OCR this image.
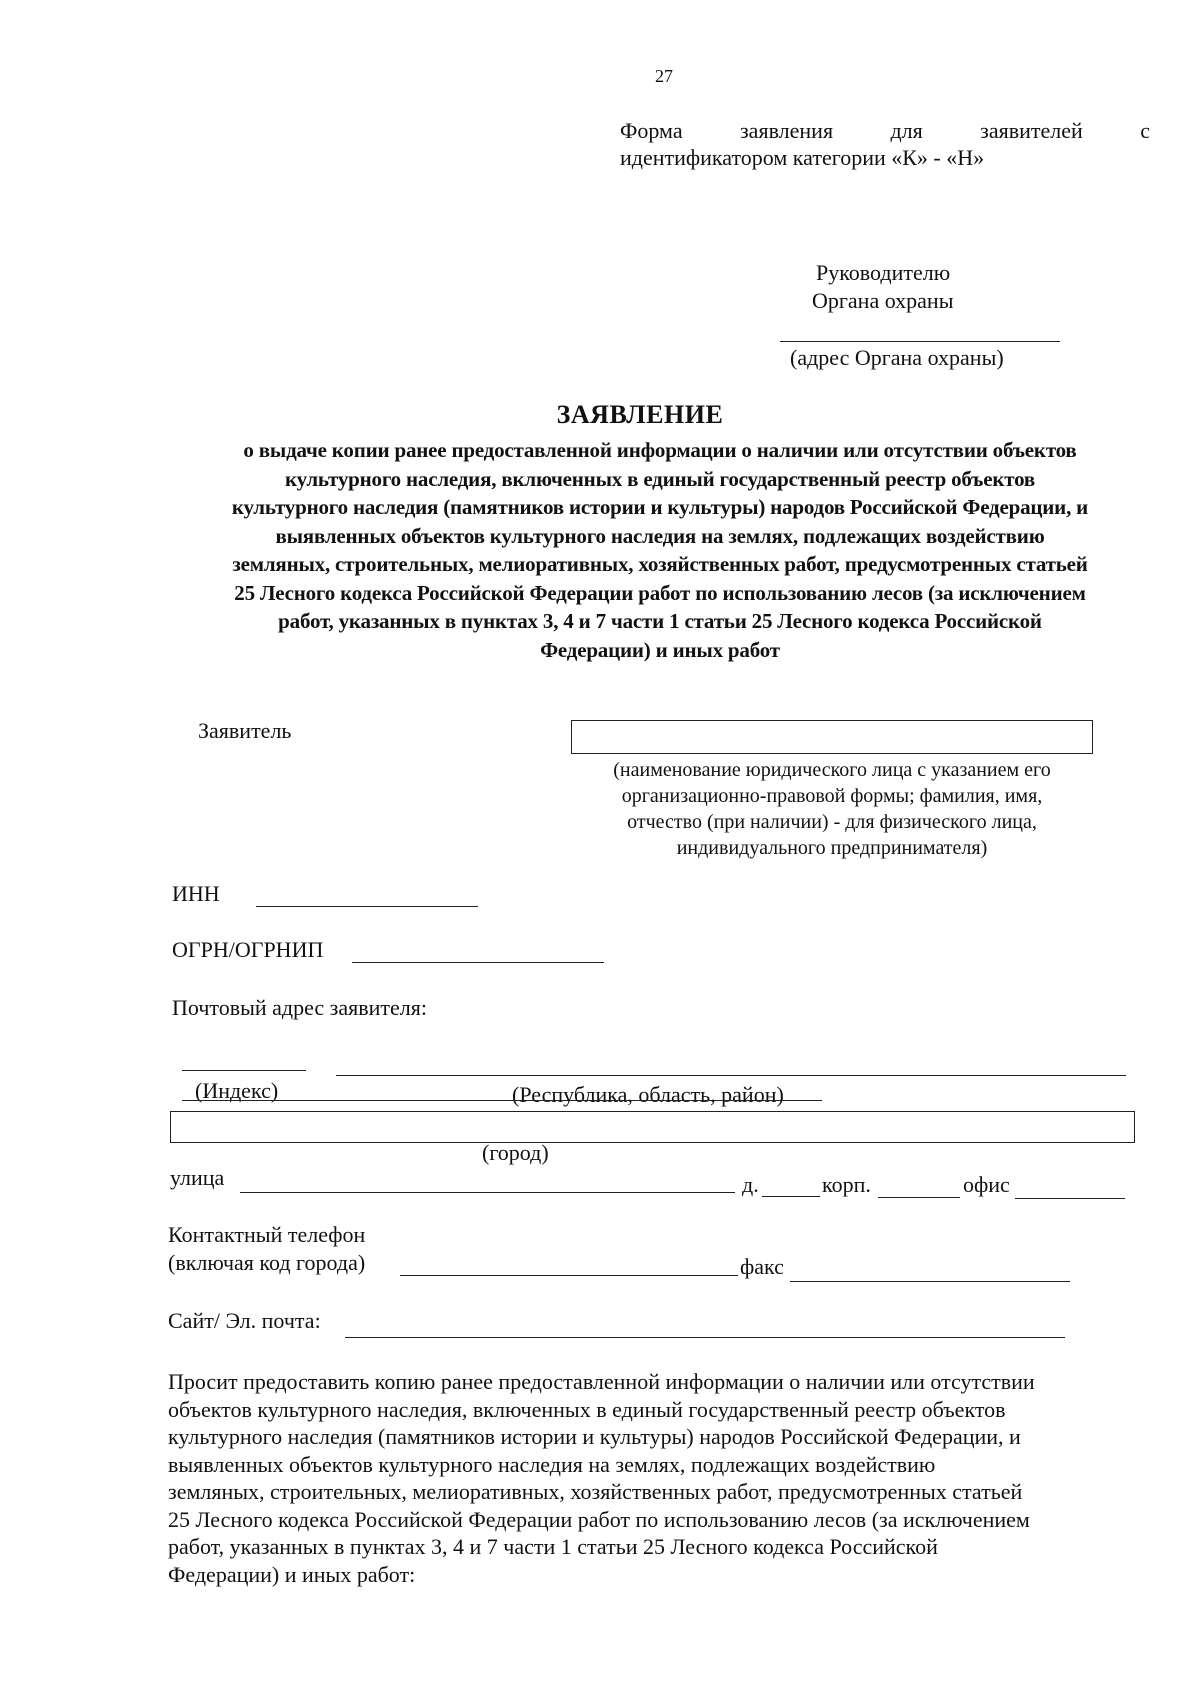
27
Форма заявления для заявителей с
идентификатором категории «К» - «Н»
Руководителю
Органа охраны
(адрес Органа охраны)
ЗАЯВЛЕНИЕ
о выдаче копии ранее предоставленной информации о наличии или отсутствии объектов
культурного наследия, включенных в единый государственный реестр объектов
культурного наследия (памятников истории и культуры) народов Российской Федерации, и
выявленных объектов культурного наследия на землях, подлежащих воздействию
земляных, строительных, мелиоративных, хозяйственных работ, предусмотренных статьей
25 Лесного кодекса Российской Федерации работ по использованию лесов (за исключением
работ, указанных в пунктах 3, 4 и 7 части 1 статьи 25 Лесного кодекса Российской
Федерации) и иных работ
Заявитель
(наименование юридического лица с указанием его
организационно-правовой формы; фамилия, имя,
отчество (при наличии) - для физического лица,
индивидуального предпринимателя)
ИНН
ОГРН/ОГРНИП
Почтовый адрес заявителя:
(Индекс)	(Республика, область, район)
(город)
улица	д.	корп.	офис
Контактный телефон
(включая код города)	факс
Сайт/ Эл. почта:
Просит предоставить копию ранее предоставленной информации о наличии или отсутствии
объектов культурного наследия, включенных в единый государственный реестр объектов
культурного наследия (памятников истории и культуры) народов Российской Федерации, и
выявленных объектов культурного наследия на землях, подлежащих воздействию
земляных, строительных, мелиоративных, хозяйственных работ, предусмотренных статьей
25 Лесного кодекса Российской Федерации работ по использованию лесов (за исключением
работ, указанных в пунктах 3, 4 и 7 части 1 статьи 25 Лесного кодекса Российской
Федерации) и иных работ:
